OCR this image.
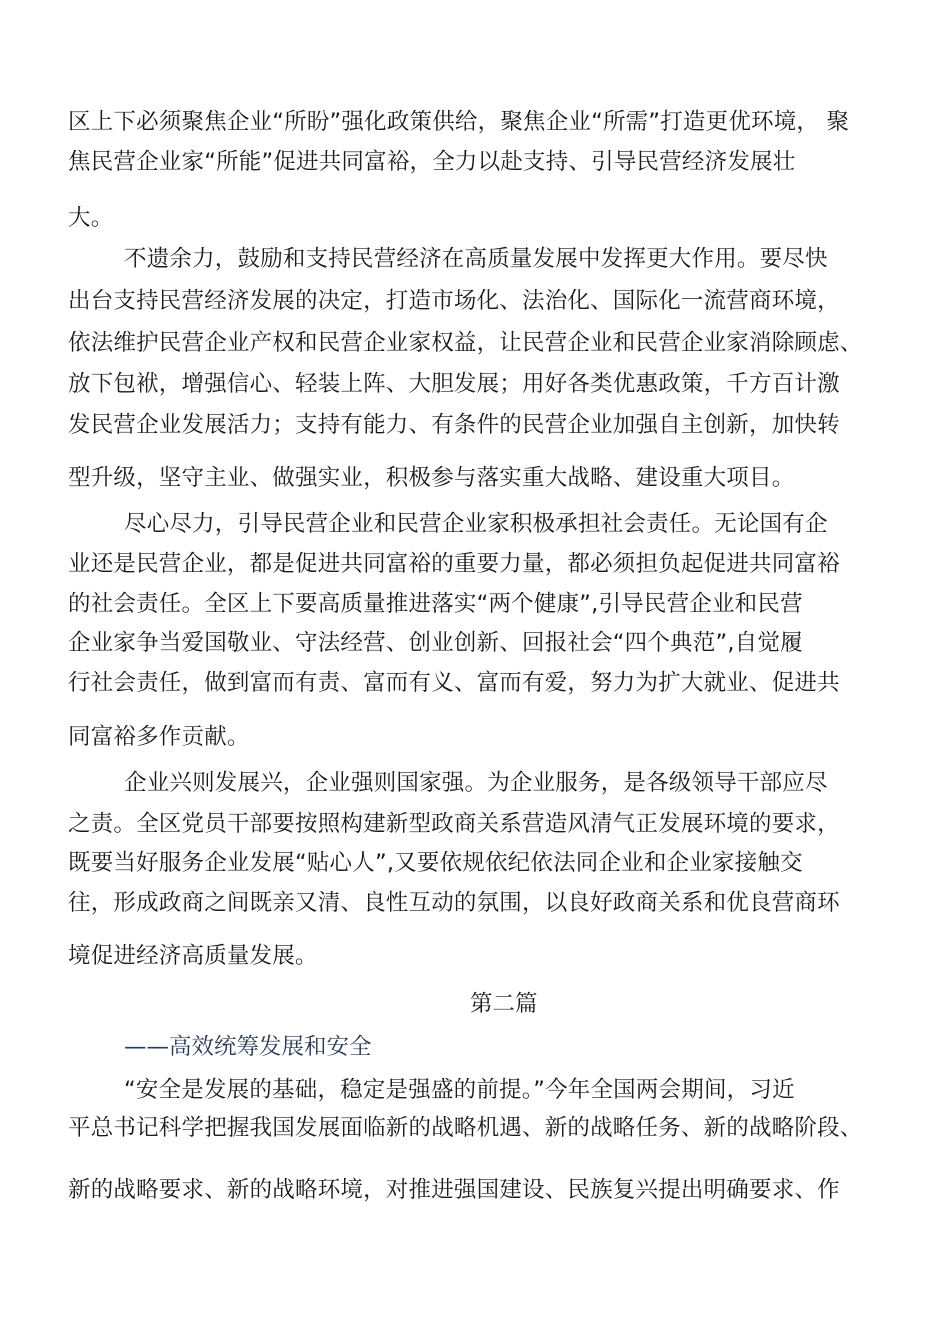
区上下必须聚焦企业“所盼”强化政策供给，聚焦企业“所需”打造更优环境， 聚
焦民营企业家“所能”促进共同富裕，全力以赴支持、引导民营经济发展壮
大。
不遗余力，鼓励和支持民营经济在高质量发展中发挥更大作用。要尽快
出台支持民营经济发展的决定，打造市场化、法治化、国际化一流营商环境，
依法维护民营企业产权和民营企业家权益，让民营企业和民营企业家消除顾虑、
放下包袱，增强信心、轻装上阵、大胆发展；用好各类优惠政策，千方百计激
发民营企业发展活力；支持有能力、有条件的民营企业加强自主创新，加快转
型升级，坚守主业、做强实业，积极参与落实重大战略、建设重大项目。
尽心尽力，引导民营企业和民营企业家积极承担社会责任。无论国有企
业还是民营企业，都是促进共同富裕的重要力量，都必须担负起促进共同富裕
的社会责任。全区上下要高质量推进落实“两个健康”,引导民营企业和民营
企业家争当爱国敬业、守法经营、创业创新、回报社会“四个典范”,自觉履
行社会责任，做到富而有责、富而有义、富而有爱，努力为扩大就业、促进共
同富裕多作贡献。
企业兴则发展兴，企业强则国家强。为企业服务，是各级领导干部应尽
之责。全区党员干部要按照构建新型政商关系营造风清气正发展环境的要求，
既要当好服务企业发展“贴心人”,又要依规依纪依法同企业和企业家接触交
往，形成政商之间既亲又清、良性互动的氛围，以良好政商关系和优良营商环
境促进经济高质量发展。
第二篇
——高效统筹发展和安全
“安全是发展的基础，稳定是强盛的前提。”今年全国两会期间，习近
平总书记科学把握我国发展面临新的战略机遇、新的战略任务、新的战略阶段、
新的战略要求、新的战略环境，对推进强国建设、民族复兴提出明确要求、作
